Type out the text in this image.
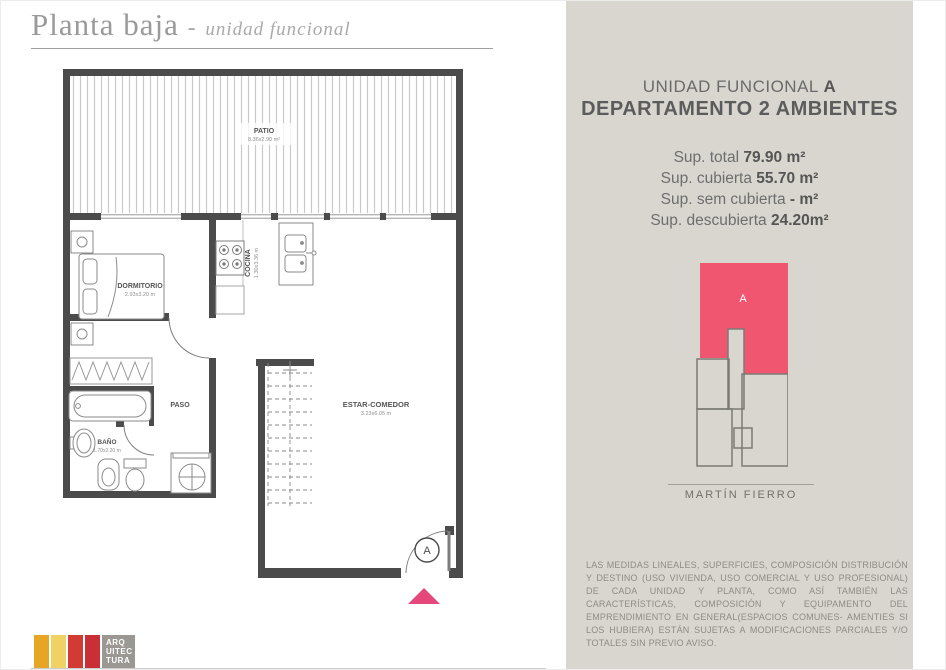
Planta baja - unidad funcional
PATIO
8.36x2.90 m²
DORMITORIO
2.93x3.20 m
COCINA 1.30x3.36 m
BAÑO
1.70x2.20 m
PASO	ESTAR-COMEDOR
3.23x6.05 m
A
ARQ
UITEC
TURA
UNIDAD FUNCIONAL A
DEPARTAMENTO 2 AMBIENTES
Sup. total 79.90 m²
Sup. cubierta 55.70 m²
Sup. sem cubierta - m²
Sup. descubierta 24.20m²
A
MARTÍN FIERRO

LAS MEDIDAS LINEALES, SUPERFICIES, COMPOSICIÓN DISTRIBUCIÓN Y DESTINO (USO VIVIENDA, USO COMERCIAL Y USO PROFESIONAL) DE CADA UNIDAD Y PLANTA, COMO ASÍ TAMBIÉN LAS CARACTERÍSTICAS, COMPOSICIÓN Y EQUIPAMENTO DEL EMPRENDIMIENTO EN GENERAL(ESPACIOS COMUNES- AMENTIES SI LOS HUBIERA) ESTÁN SUJETAS A MODIFICACIONES PARCIALES Y/O TOTALES SIN PREVIO AVISO.
